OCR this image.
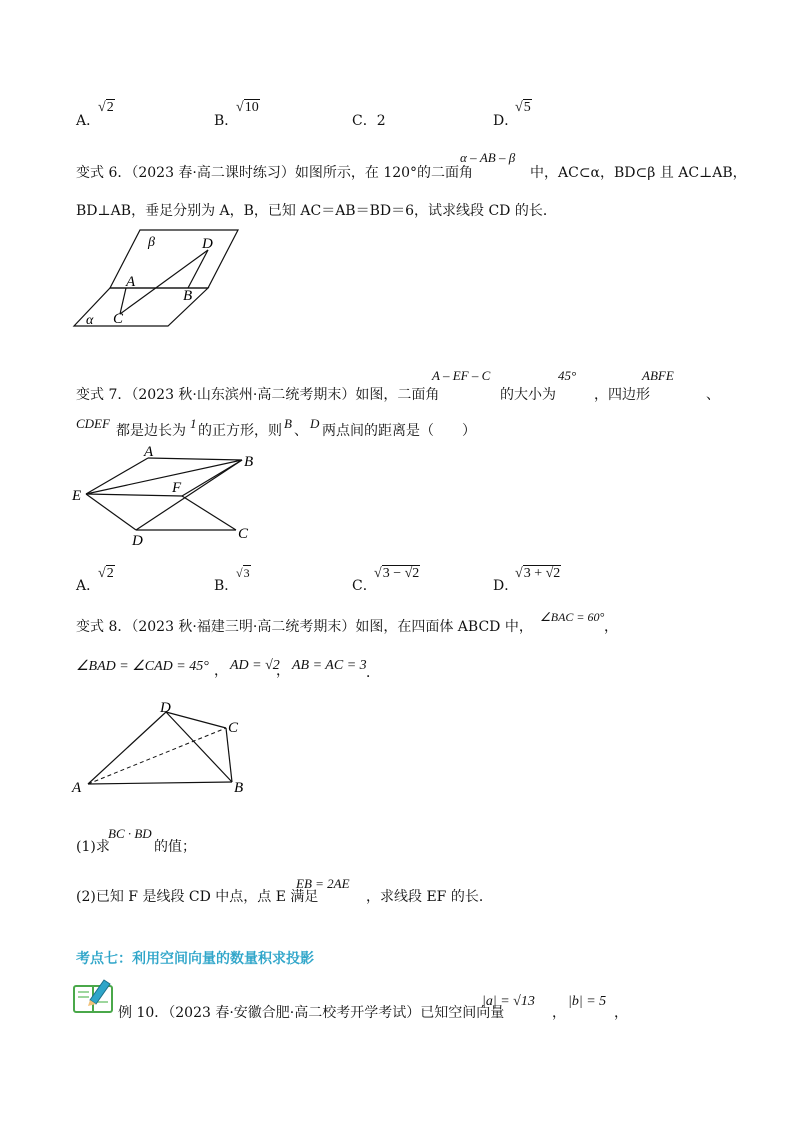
A．
√2
B．
√10
C．2	D．
√5
变式 6．（2023 春·高二课时练习）如图所示，在 120°的二面角
α – AB – β
中，AC⊂α，BD⊂β 且 AC⊥AB，
BD⊥AB，垂足分别为 A，B，已知 AC＝AB＝BD＝6，试求线段 CD 的长．
β	D
A
B
α C
变式 7．（2023 秋·山东滨州·高二统考期末）如图，二面角
A – EF – C
的大小为
45°
，四边形
ABFE
、
CDEF 都是边长为 1 的正方形，则 B 、 D 两点间的距离是（　　）
A
B
E	F
D	C
A．
√2
B．
√3
C．
√3 − √2
D．
√3 + √2
变式 8．（2023 秋·福建三明·高二统考期末）如图，在四面体 ABCD 中，
∠BAC = 60°
，
∠BAD = ∠CAD = 45° ， AD = √2
， AB = AC = 3 ．
D
C
A	B
(1)求
BC · BD
的值；
(2)已知 F 是线段 CD 中点，点 E 满足
EB = 2AE
，求线段 EF 的长．
考点七：利用空间向量的数量积求投影
例 10．（2023 春·安徽合肥·高二校考开学考试）已知空间向量
|a| = √13
，
|b| = 5
，
